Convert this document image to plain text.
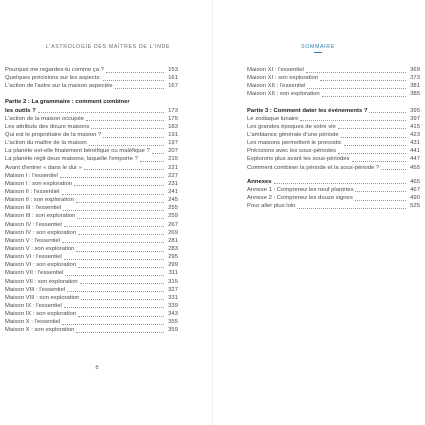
L'ASTROLOGIE DES MAÎTRES DE L'INDE
Pourquoi me regardes-tu comme ça ?	153
Quelques précisions sur les aspects:	161
L'action de l'astre sur la maison aspectée	167
Partie 2 : La grammaire : comment combiner
les outils ?	173
L'action de la maison occupée	175
Les attributs des douze maisons	183
Qui est le propriétaire de la maison ?	191
L'action du maître de la maison	197
La planète est-elle finalement bénéfique ou maléfique ?	207
La planète régit deux maisons, laquelle l'emporte ?	215
Avant d'entrer « dans le dur »	221
Maison I : l'essentiel	227
Maison I : son exploration	231
Maison II : l'essentiel	241
Maison II : son exploration	245
Maison III : l'essentiel	255
Maison III : son exploration	259
Maison IV : l'essentiel	267
Maison IV : son exploration	269
Maison V : l'essentiel	281
Maison V : son exploration	283
Maison VI : l'essentiel	295
Maison VI : son exploration	299
Maison VII : l'essentiel	311
Maison VII : son exploration	315
Maison VIII : l'essentiel	327
Maison VIII : son exploration	331
Maison IX : l'essentiel	339
Maison IX : son exploration	343
Maison X : l'essentiel	355
Maison X : son exploration	359
8
SOMMAIRE
Maison XI : l'essentiel	369
Maison XI : son exploration	373
Maison XII : l'essentiel	381
Maison XII : son exploration	385
Partie 3 : Comment dater les événements ?	395
Le zodiaque lunaire	397
Les grandes époques de votre vie	415
L'ambiance générale d'une période	423
Les maisons permettent le pronostic	431
Précisions avec les sous-périodes	441
Explorons plus avant les sous-périodes	447
Comment combiner la période et la sous-période ?	455
Annexes	465
Annexe 1 : Comprenez les neuf planètes	467
Annexe 2 : Comprenez les douze signes	490
Pour aller plus loin	525
